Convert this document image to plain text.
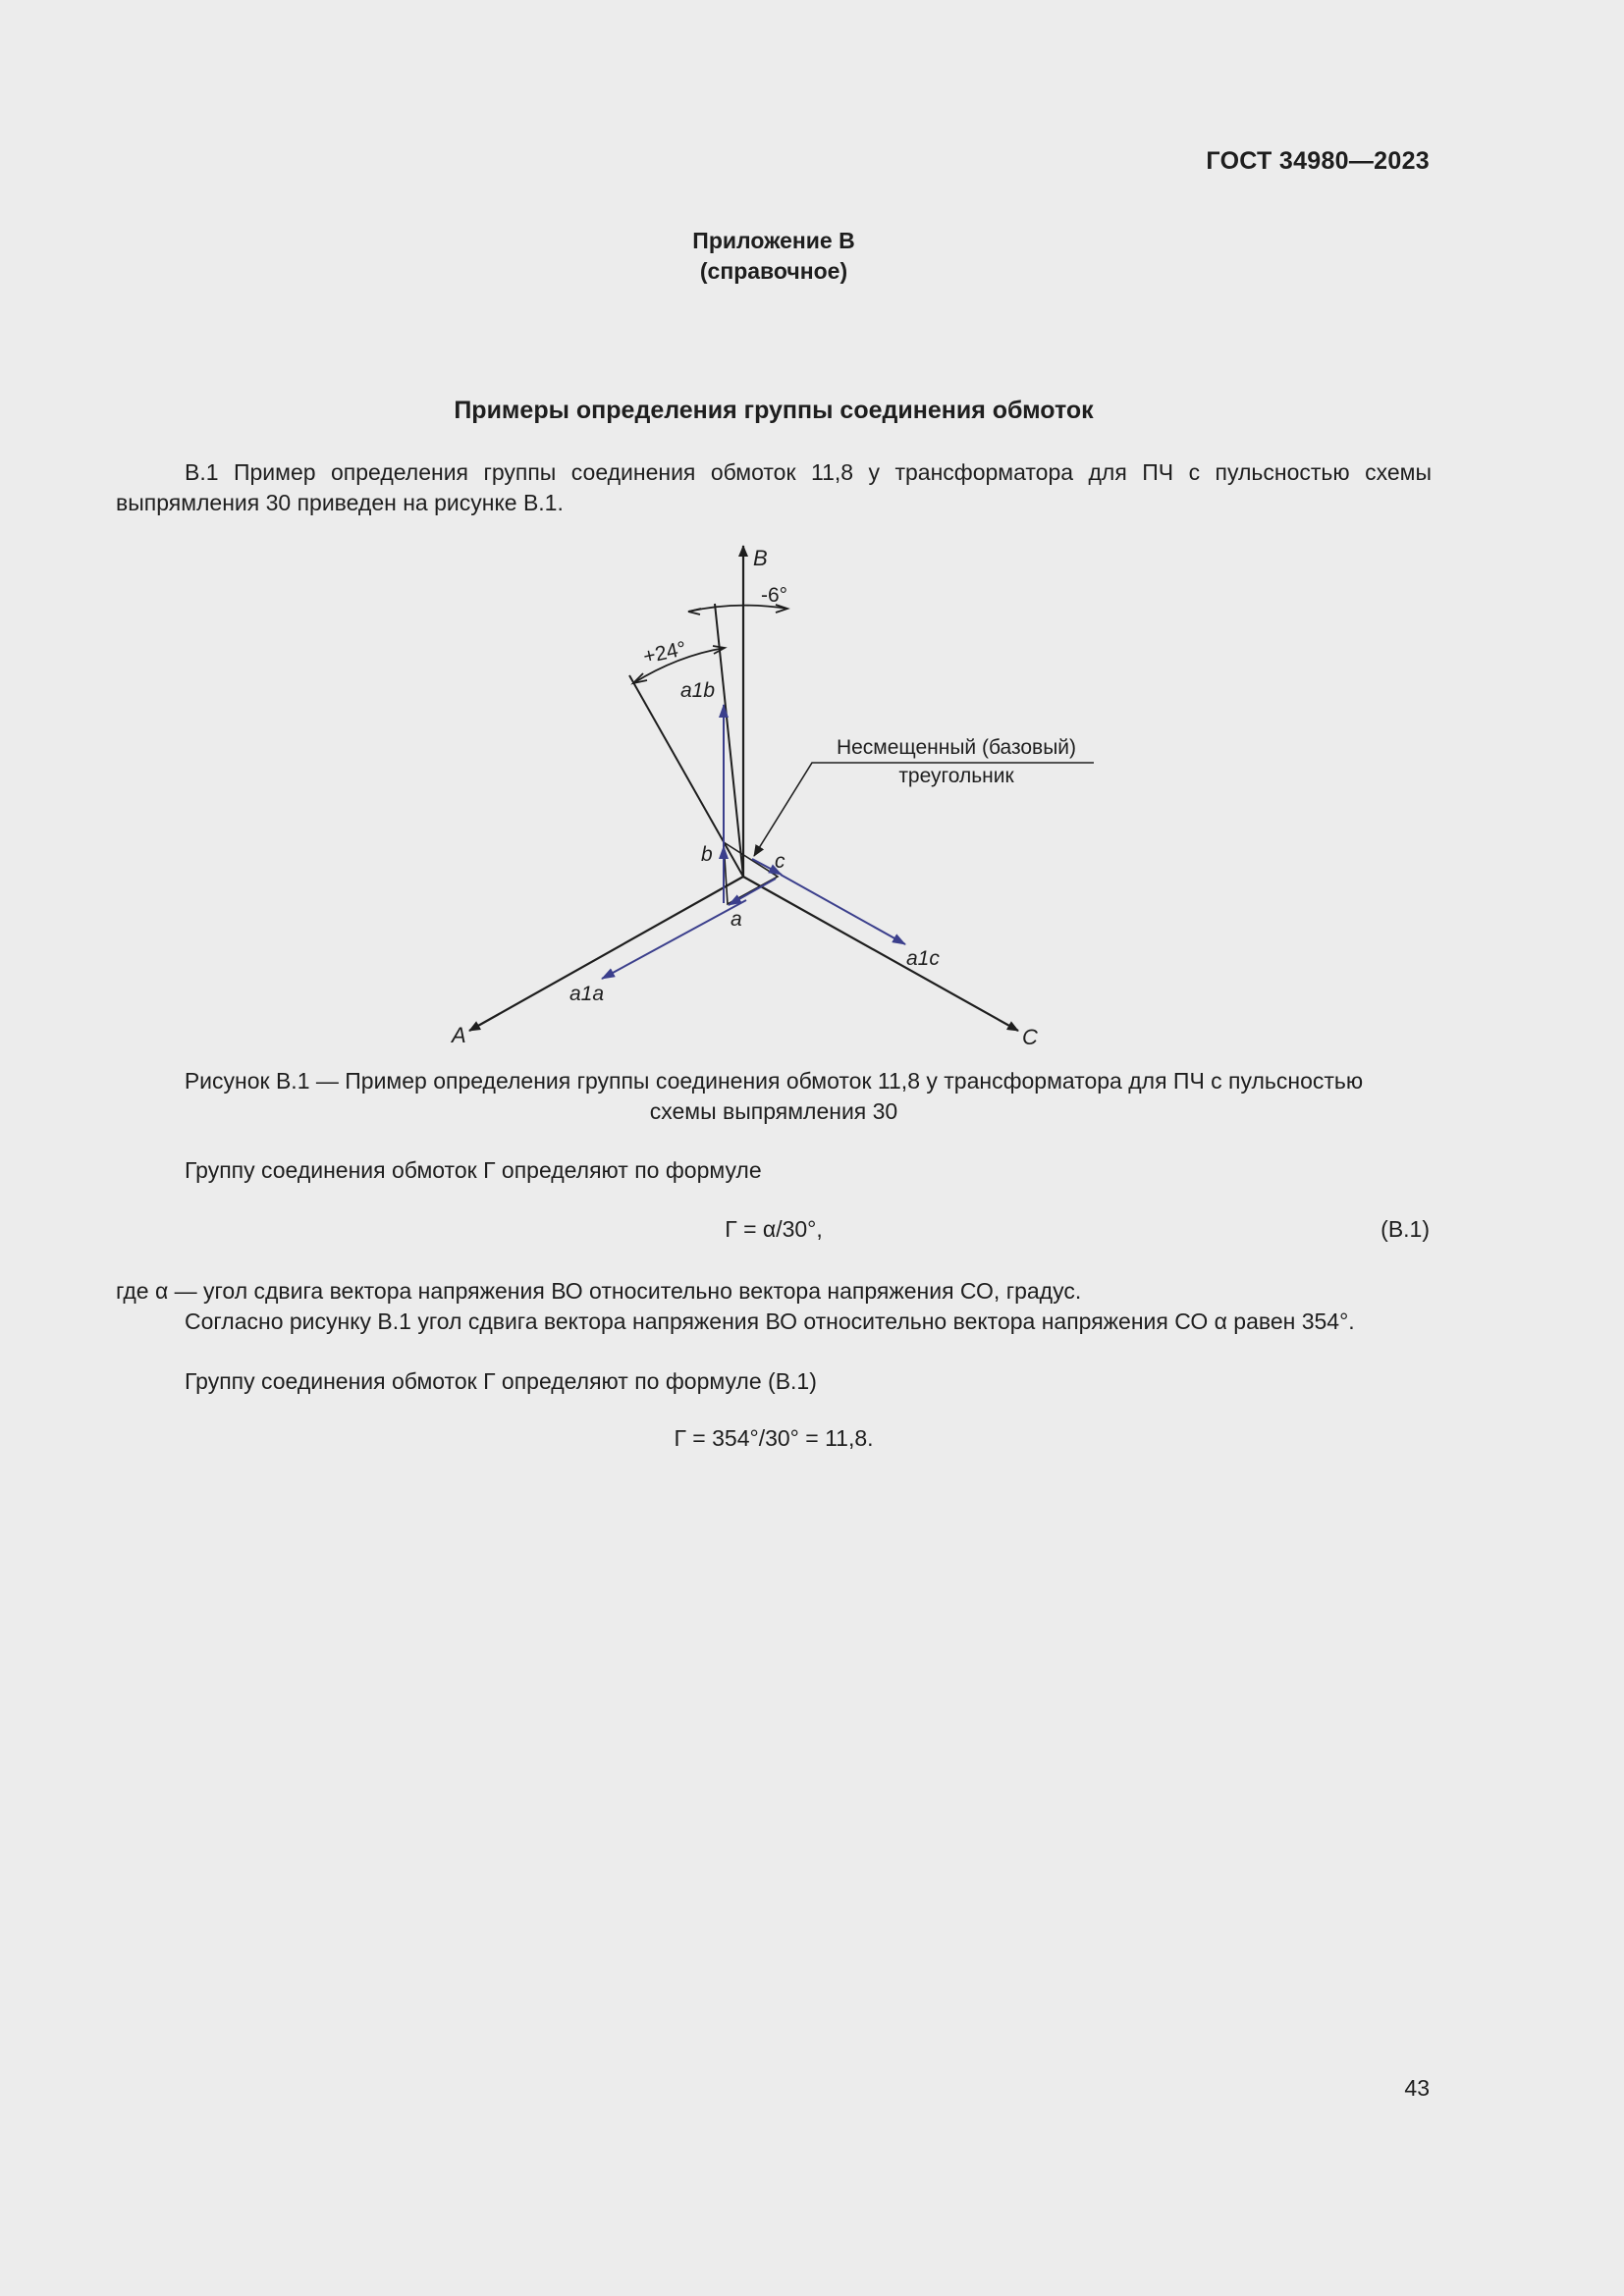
ГОСТ 34980—2023
Приложение В
(справочное)
Примеры определения группы соединения обмоток
В.1 Пример определения группы соединения обмоток 11,8 у трансформатора для ПЧ с пульсностью схемы выпрямления 30 приведен на рисунке В.1.
B
A	C
-6°
+24°
a1b
b	c
a
a1c
a1a
Несмещенный (базовый)
треугольник
Рисунок В.1 — Пример определения группы соединения обмоток 11,8 у трансформатора для ПЧ с пульсностью
схемы выпрямления 30
Группу соединения обмоток Г определяют по формуле
Г = α/30°,	(В.1)
где α — угол сдвига вектора напряжения ВО относительно вектора напряжения СО, градус.
Согласно рисунку В.1 угол сдвига вектора напряжения ВО относительно вектора напряжения СО α равен 354°.
Группу соединения обмоток Г определяют по формуле (В.1)
Г = 354°/30° = 11,8.
43
